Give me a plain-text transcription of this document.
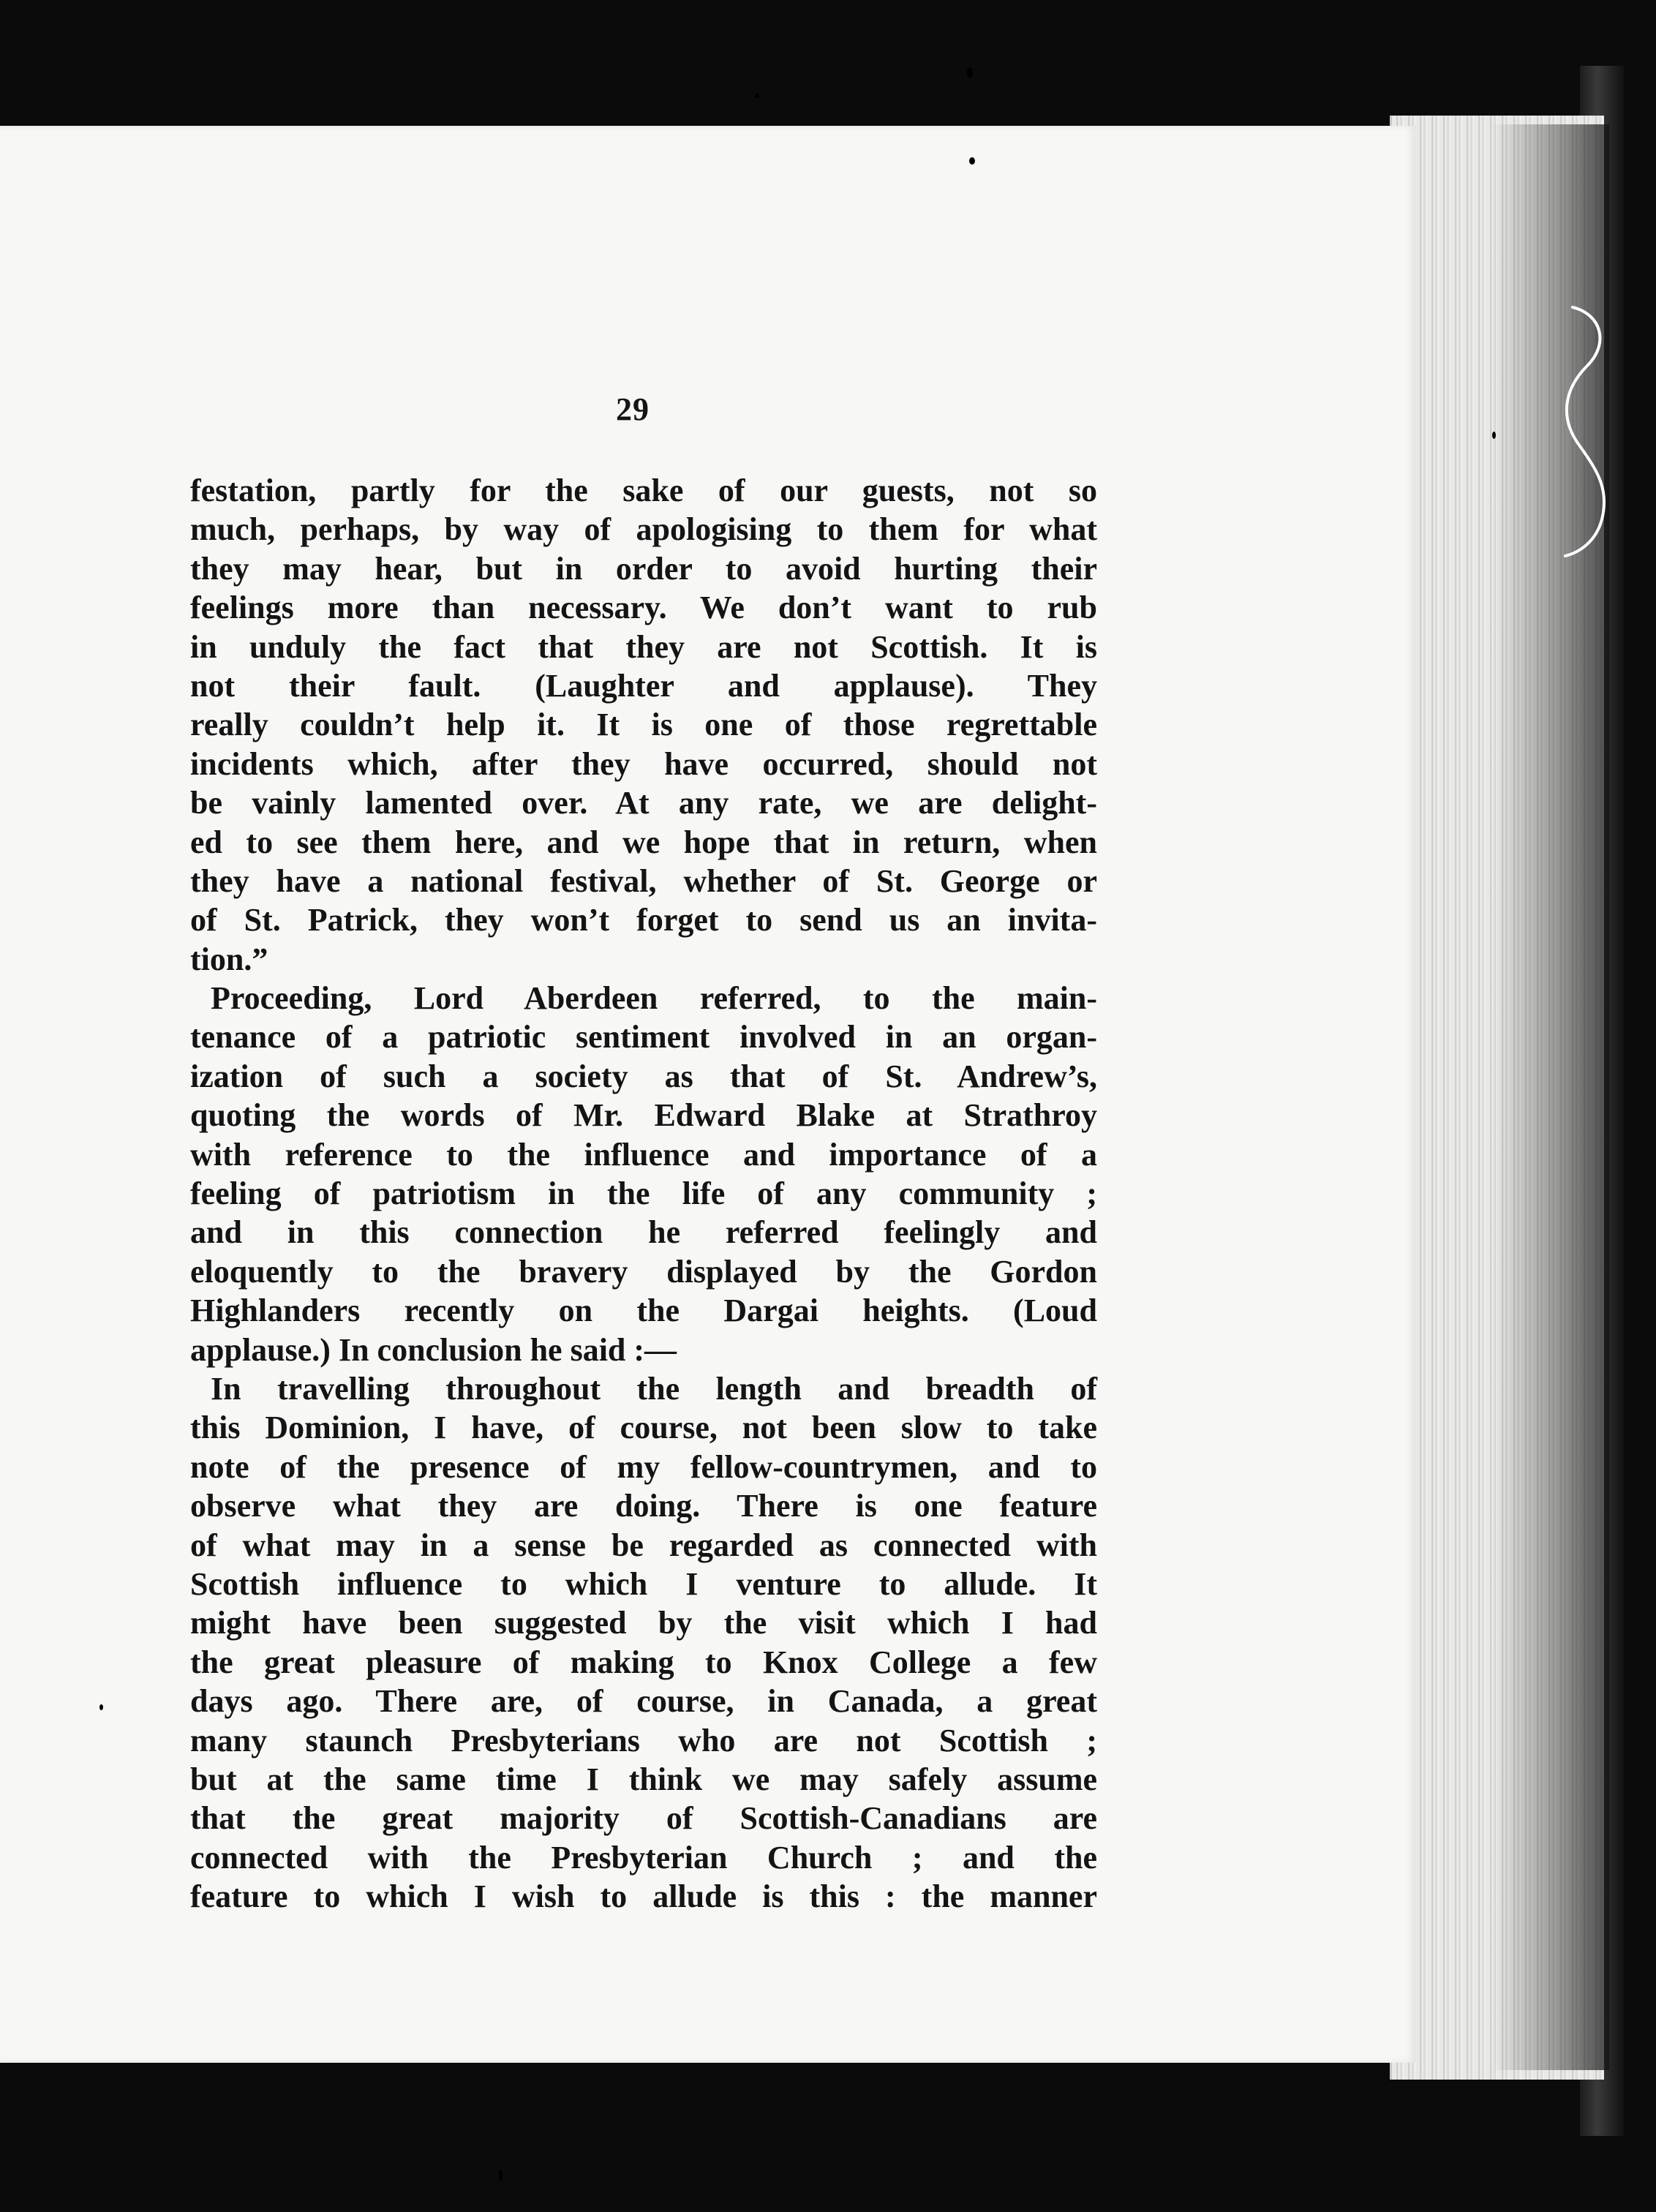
29
festation, partly for the sake of our guests, not so
much, perhaps, by way of apologising to them for what
they may hear, but in order to avoid hurting their
feelings more than necessary. We don’t want to rub
in unduly the fact that they are not Scottish. It is
not their fault. (Laughter and applause). They
really couldn’t help it. It is one of those regrettable
incidents which, after they have occurred, should not
be vainly lamented over. At any rate, we are delight-
ed to see them here, and we hope that in return, when
they have a national festival, whether of St. George or
of St. Patrick, they won’t forget to send us an invita-
tion.”
Proceeding, Lord Aberdeen referred, to the main-
tenance of a patriotic sentiment involved in an organ-
ization of such a society as that of St. Andrew’s,
quoting the words of Mr. Edward Blake at Strathroy
with reference to the influence and importance of a
feeling of patriotism in the life of any community ;
and in this connection he referred feelingly and
eloquently to the bravery displayed by the Gordon
Highlanders recently on the Dargai heights. (Loud
applause.) In conclusion he said :—
In travelling throughout the length and breadth of
this Dominion, I have, of course, not been slow to take
note of the presence of my fellow-countrymen, and to
observe what they are doing. There is one feature
of what may in a sense be regarded as connected with
Scottish influence to which I venture to allude. It
might have been suggested by the visit which I had
the great pleasure of making to Knox College a few
days ago. There are, of course, in Canada, a great
many staunch Presbyterians who are not Scottish ;
but at the same time I think we may safely assume
that the great majority of Scottish-Canadians are
connected with the Presbyterian Church ; and the
feature to which I wish to allude is this : the manner
